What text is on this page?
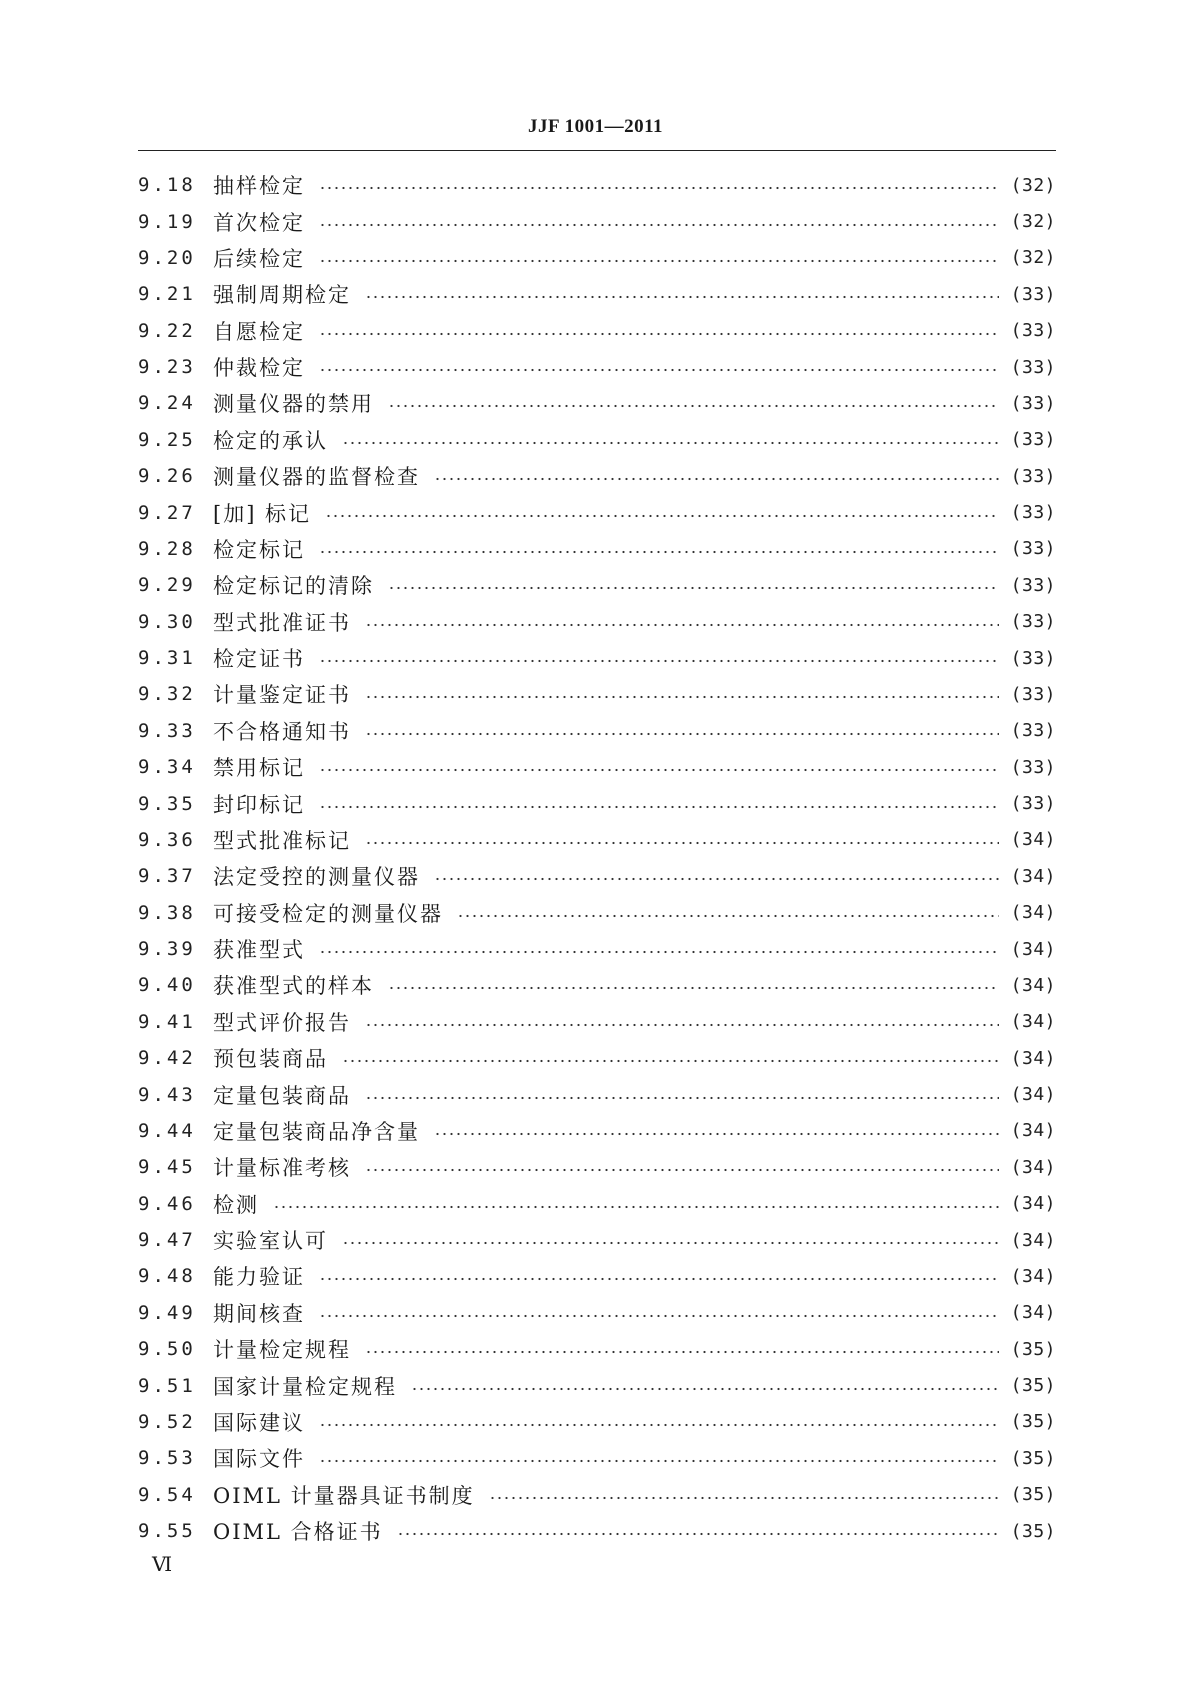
JJF 1001—2011
9.18 抽样检定	(32)
9.19 首次检定	(32)
9.20 后续检定	(32)
9.21 强制周期检定	(33)
9.22 自愿检定	(33)
9.23 仲裁检定	(33)
9.24 测量仪器的禁用	(33)
9.25 检定的承认	(33)
9.26 测量仪器的监督检查	(33)
9.27 [加] 标记	(33)
9.28 检定标记	(33)
9.29 检定标记的清除	(33)
9.30 型式批准证书	(33)
9.31 检定证书	(33)
9.32 计量鉴定证书	(33)
9.33 不合格通知书	(33)
9.34 禁用标记	(33)
9.35 封印标记	(33)
9.36 型式批准标记	(34)
9.37 法定受控的测量仪器	(34)
9.38 可接受检定的测量仪器	(34)
9.39 获准型式	(34)
9.40 获准型式的样本	(34)
9.41 型式评价报告	(34)
9.42 预包装商品	(34)
9.43 定量包装商品	(34)
9.44 定量包装商品净含量	(34)
9.45 计量标准考核	(34)
9.46 检测	(34)
9.47 实验室认可	(34)
9.48 能力验证	(34)
9.49 期间核查	(34)
9.50 计量检定规程	(35)
9.51 国家计量检定规程	(35)
9.52 国际建议	(35)
9.53 国际文件	(35)
9.54 OIML 计量器具证书制度	(35)
9.55 OIML 合格证书	(35)
Ⅵ
